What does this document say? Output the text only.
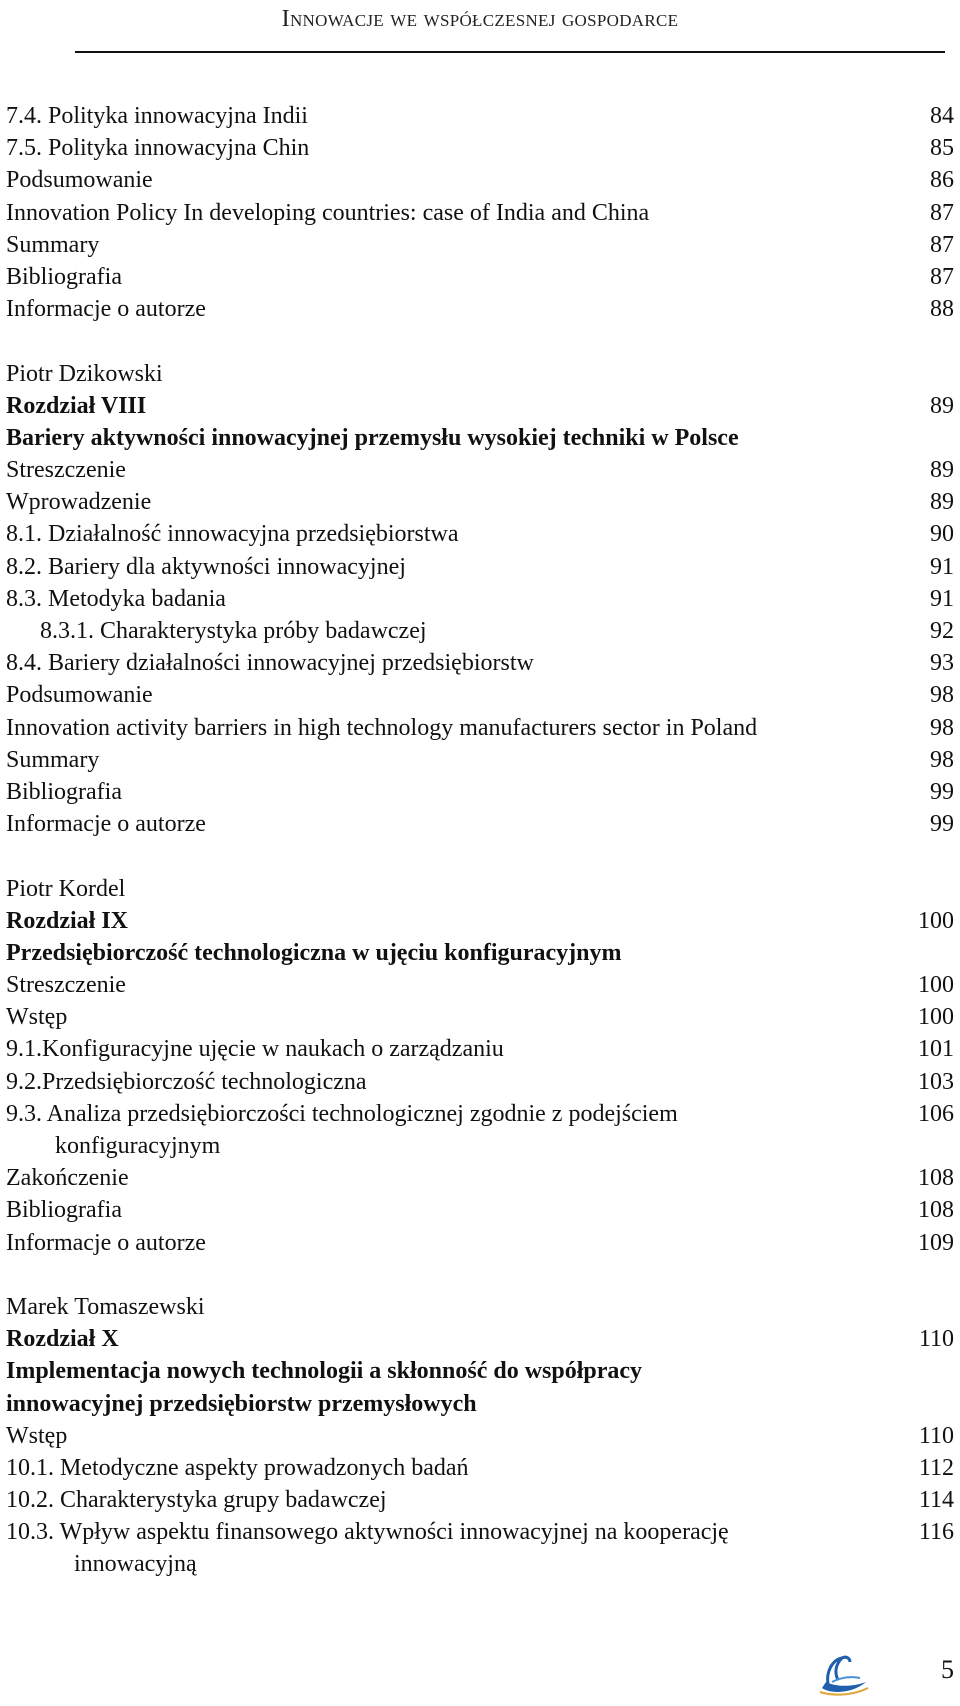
Innowacje we współczesnej gospodarce
7.4. Polityka innowacyjna Indii	84
7.5. Polityka innowacyjna Chin	85
Podsumowanie	86
Innovation Policy In developing countries: case of India and China	87
Summary	87
Bibliografia	87
Informacje o autorze	88
Piotr Dzikowski
Rozdział VIII	89
Bariery aktywności innowacyjnej przemysłu wysokiej techniki w Polsce
Streszczenie	89
Wprowadzenie	89
8.1. Działalność innowacyjna przedsiębiorstwa	90
8.2. Bariery dla aktywności innowacyjnej	91
8.3. Metodyka badania	91
8.3.1. Charakterystyka próby badawczej	92
8.4. Bariery działalności innowacyjnej przedsiębiorstw	93
Podsumowanie	98
Innovation activity barriers in high technology manufacturers sector in Poland	98
Summary	98
Bibliografia	99
Informacje o autorze	99
Piotr Kordel
Rozdział IX	100
Przedsiębiorczość technologiczna w ujęciu konfiguracyjnym
Streszczenie	100
Wstęp	100
9.1.Konfiguracyjne ujęcie w naukach o zarządzaniu	101
9.2.Przedsiębiorczość technologiczna	103
9.3. Analiza przedsiębiorczości technologicznej zgodnie z podejściem	106
konfiguracyjnym
Zakończenie	108
Bibliografia	108
Informacje o autorze	109
Marek Tomaszewski
Rozdział X	110
Implementacja nowych technologii a skłonność do współpracy
innowacyjnej przedsiębiorstw przemysłowych
Wstęp	110
10.1. Metodyczne aspekty prowadzonych badań	112
10.2. Charakterystyka grupy badawczej	114
10.3. Wpływ aspektu finansowego aktywności innowacyjnej na kooperację	116
innowacyjną
5
